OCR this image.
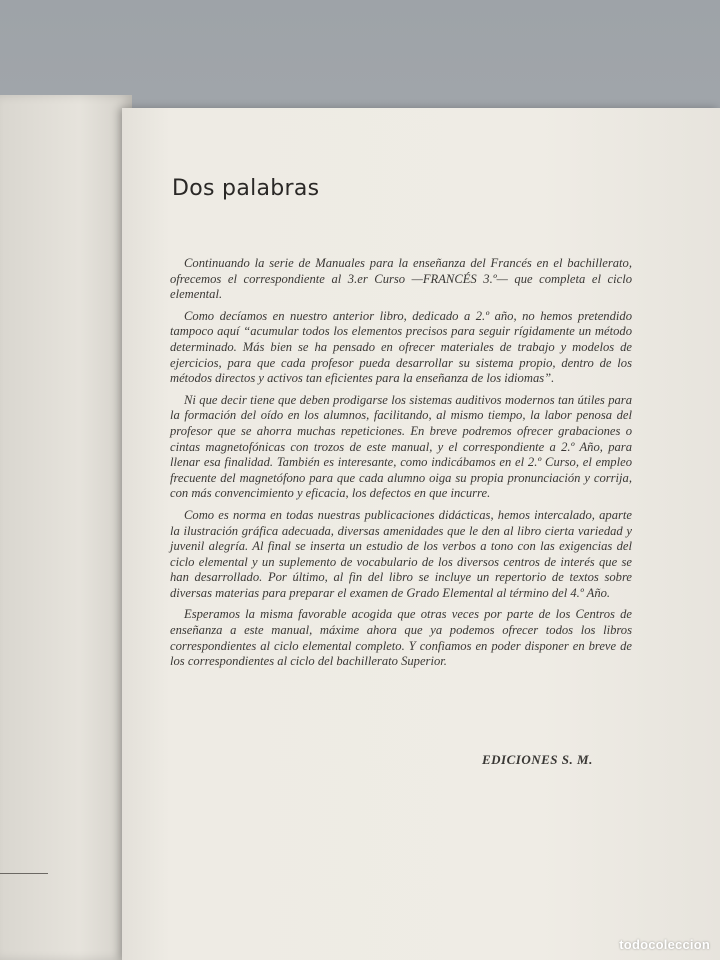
Dos palabras

Continuando la serie de Manuales para la enseñanza del Francés en el bachillerato, ofrecemos el correspondiente al 3.er Curso —FRANCÉS 3.º— que completa el ciclo elemental.

Como decíamos en nuestro anterior libro, dedicado a 2.º año, no hemos pretendido tampoco aquí “acumular todos los elementos precisos para seguir rígidamente un método determinado. Más bien se ha pensado en ofrecer materiales de trabajo y modelos de ejercicios, para que cada profesor pueda desarrollar su sistema propio, dentro de los métodos directos y activos tan eficientes para la enseñanza de los idiomas”.

Ni que decir tiene que deben prodigarse los sistemas auditivos modernos tan útiles para la formación del oído en los alumnos, facilitando, al mismo tiempo, la labor penosa del profesor que se ahorra muchas repeticiones. En breve podremos ofrecer grabaciones o cintas magnetofónicas con trozos de este manual, y el correspondiente a 2.º Año, para llenar esa finalidad. También es interesante, como indicábamos en el 2.º Curso, el empleo frecuente del magnetófono para que cada alumno oiga su propia pronunciación y corrija, con más convencimiento y eficacia, los defectos en que incurre.

Como es norma en todas nuestras publicaciones didácticas, hemos intercalado, aparte la ilustración gráfica adecuada, diversas amenidades que le den al libro cierta variedad y juvenil alegría. Al final se inserta un estudio de los verbos a tono con las exigencias del ciclo elemental y un suplemento de vocabulario de los diversos centros de interés que se han desarrollado. Por último, al fin del libro se incluye un repertorio de textos sobre diversas materias para preparar el examen de Grado Elemental al término del 4.º Año.

Esperamos la misma favorable acogida que otras veces por parte de los Centros de enseñanza a este manual, máxime ahora que ya podemos ofrecer todos los libros correspondientes al ciclo elemental completo. Y confiamos en poder disponer en breve de los correspondientes al ciclo del bachillerato Superior.

EDICIONES S. M.
todocoleccion
